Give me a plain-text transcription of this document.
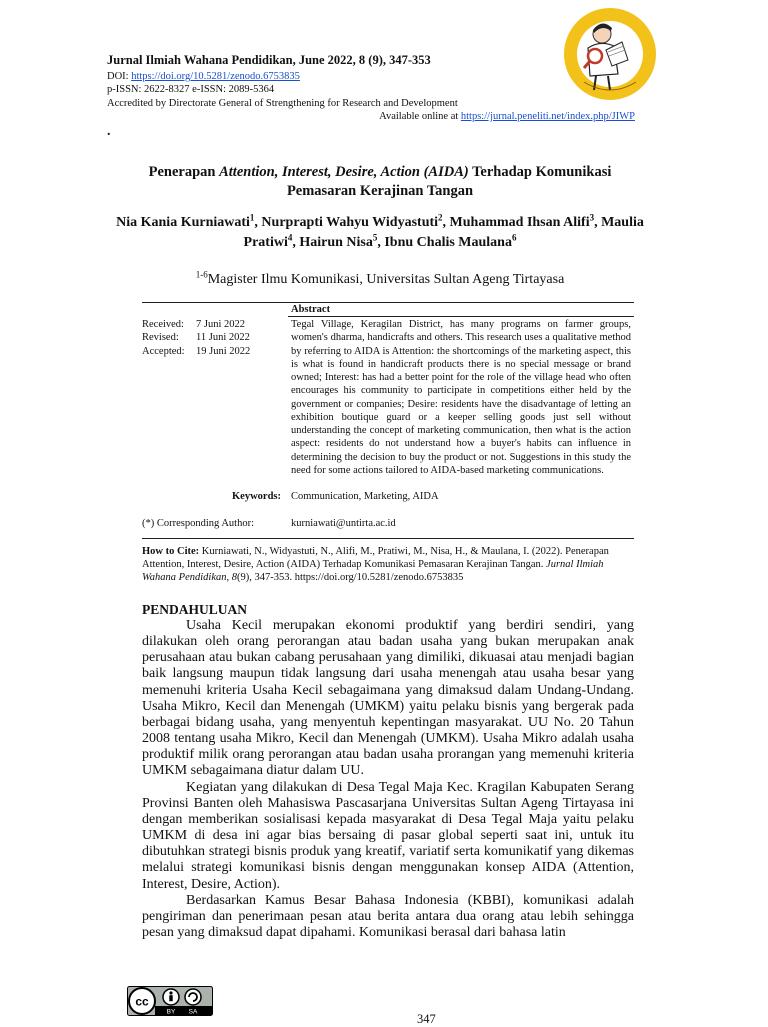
Jurnal Ilmiah Wahana Pendidikan, June 2022, 8 (9), 347-353
DOI: https://doi.org/10.5281/zenodo.6753835
p-ISSN: 2622-8327 e-ISSN: 2089-5364
Accredited by Directorate General of Strengthening for Research and Development
Available online at https://jurnal.peneliti.net/index.php/JIWP
.
Penerapan Attention, Interest, Desire, Action (AIDA) Terhadap Komunikasi
Pemasaran Kerajinan Tangan
Nia Kania Kurniawati$^1$, Nurprapti Wahyu Widyastuti$^2$, Muhammad Ihsan Alifi$^3$, Maulia Pratiwi$^4$, Hairun Nisa$^5$, Ibnu Chalis Maulana$^6$
$^{1-6}$Magister Ilmu Komunikasi, Universitas Sultan Ageng Tirtayasa
Abstract
Received:	7 Juni 2022
Revised:	11 Juni 2022
Accepted:	19 Juni 2022
Tegal Village, Keragilan District, has many programs on farmer groups, women's dharma, handicrafts and others. This research uses a qualitative method by referring to AIDA is Attention: the shortcomings of the marketing aspect, this is what is found in handicraft products there is no special message or brand owned; Interest: has had a better point for the role of the village head who often encourages his community to participate in competitions either held by the government or companies; Desire: residents have the disadvantage of letting an exhibition boutique guard or a keeper selling goods just sell without understanding the concept of marketing communication, then what is the action aspect: residents do not understand how a buyer's habits can influence in determining the decision to buy the product or not. Suggestions in this study the need for some actions tailored to AIDA-based marketing communications.
Keywords: Communication, Marketing, AIDA
(*) Corresponding Author:	kurniawati@untirta.ac.id
How to Cite: Kurniawati, N., Widyastuti, N., Alifi, M., Pratiwi, M., Nisa, H., & Maulana, I. (2022). Penerapan Attention, Interest, Desire, Action (AIDA) Terhadap Komunikasi Pemasaran Kerajinan Tangan. Jurnal Ilmiah Wahana Pendidikan, 8(9), 347-353. https://doi.org/10.5281/zenodo.6753835
PENDAHULUAN

Usaha Kecil merupakan ekonomi produktif yang berdiri sendiri, yang dilakukan oleh orang perorangan atau badan usaha yang bukan merupakan anak perusahaan atau bukan cabang perusahaan yang dimiliki, dikuasai atau menjadi bagian baik langsung maupun tidak langsung dari usaha menengah atau usaha besar yang memenuhi kriteria Usaha Kecil sebagaimana yang dimaksud dalam Undang-Undang. Usaha Mikro, Kecil dan Menengah (UMKM) yaitu pelaku bisnis yang bergerak pada berbagai bidang usaha, yang menyentuh kepentingan masyarakat. UU No. 20 Tahun 2008 tentang usaha Mikro, Kecil dan Menengah (UMKM). Usaha Mikro adalah usaha produktif milik orang perorangan atau badan usaha prorangan yang memenuhi kriteria UMKM sebagaimana diatur dalam UU.

Kegiatan yang dilakukan di Desa Tegal Maja Kec. Kragilan Kabupaten Serang Provinsi Banten oleh Mahasiswa Pascasarjana Universitas Sultan Ageng Tirtayasa ini dengan memberikan sosialisasi kepada masyarakat di Desa Tegal Maja yaitu pelaku UMKM di desa ini agar bias bersaing di pasar global seperti saat ini, untuk itu dibutuhkan strategi bisnis produk yang kreatif, variatif serta komunikatif yang dikemas melalui strategi komunikasi bisnis dengan menggunakan konsep AIDA (Attention, Interest, Desire, Action).

Berdasarkan Kamus Besar Bahasa Indonesia (KBBI), komunikasi adalah pengiriman dan penerimaan pesan atau berita antara dua orang atau lebih sehingga pesan yang dimaksud dapat dipahami. Komunikasi berasal dari bahasa latin

cc
BY SA	347
